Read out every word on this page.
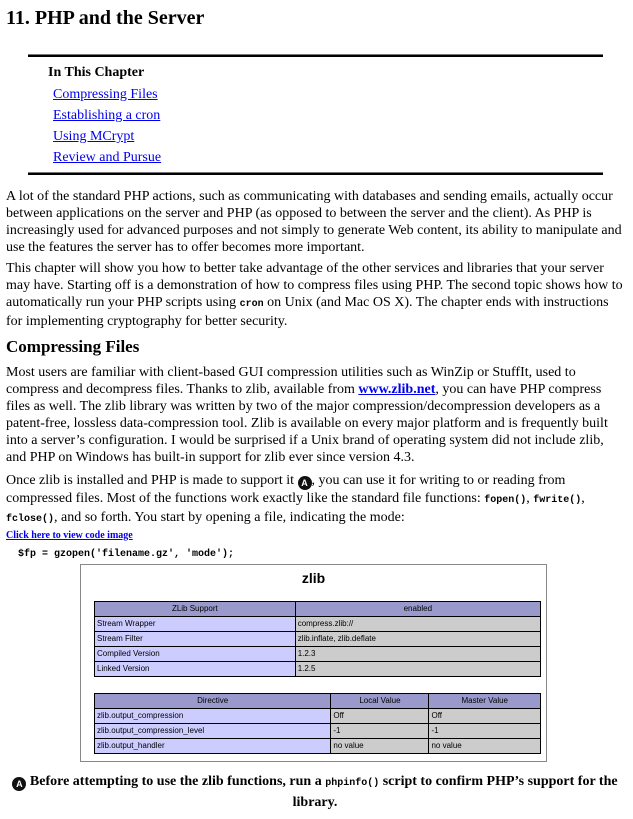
11. PHP and the Server
In This Chapter
Compressing Files
Establishing a cron
Using MCrypt
Review and Pursue

A lot of the standard PHP actions, such as communicating with databases and sending emails, actually occur between applications on the server and PHP (as opposed to between the server and the client). As PHP is increasingly used for advanced purposes and not simply to generate Web content, its ability to manipulate and use the features the server has to offer becomes more important.

This chapter will show you how to better take advantage of the other services and libraries that your server may have. Starting off is a demonstration of how to compress files using PHP. The second topic shows how to automatically run your PHP scripts using cron on Unix (and Mac OS X). The chapter ends with instructions for implementing cryptography for better security.

Compressing Files

Most users are familiar with client-based GUI compression utilities such as WinZip or StuffIt, used to compress and decompress files. Thanks to zlib, available from www.zlib.net, you can have PHP compress files as well. The zlib library was written by two of the major compression/decompression developers as a patent-free, lossless data-compression tool. Zlib is available on every major platform and is frequently built into a server’s configuration. I would be surprised if a Unix brand of operating system did not include zlib, and PHP on Windows has built-in support for zlib ever since version 4.3.

Once zlib is installed and PHP is made to support it A , you can use it for writing to or reading from compressed files. Most of the functions work exactly like the standard file functions: fopen(), fwrite(), fclose(), and so forth. You start by opening a file, indicating the mode:

Click here to view code image
$fp = gzopen('filename.gz', 'mode');
zlib
ZLib Support	enabled
Stream Wrapper	compress.zlib://
Stream Filter	zlib.inflate, zlib.deflate
Compiled Version	1.2.3
Linked Version	1.2.5
Directive	Local Value	Master Value
zlib.output_compression	Off	Off
zlib.output_compression_level	-1	-1
zlib.output_handler	no value	no value
A Before attempting to use the zlib functions, run a phpinfo() script to confirm PHP’s support for the library.
